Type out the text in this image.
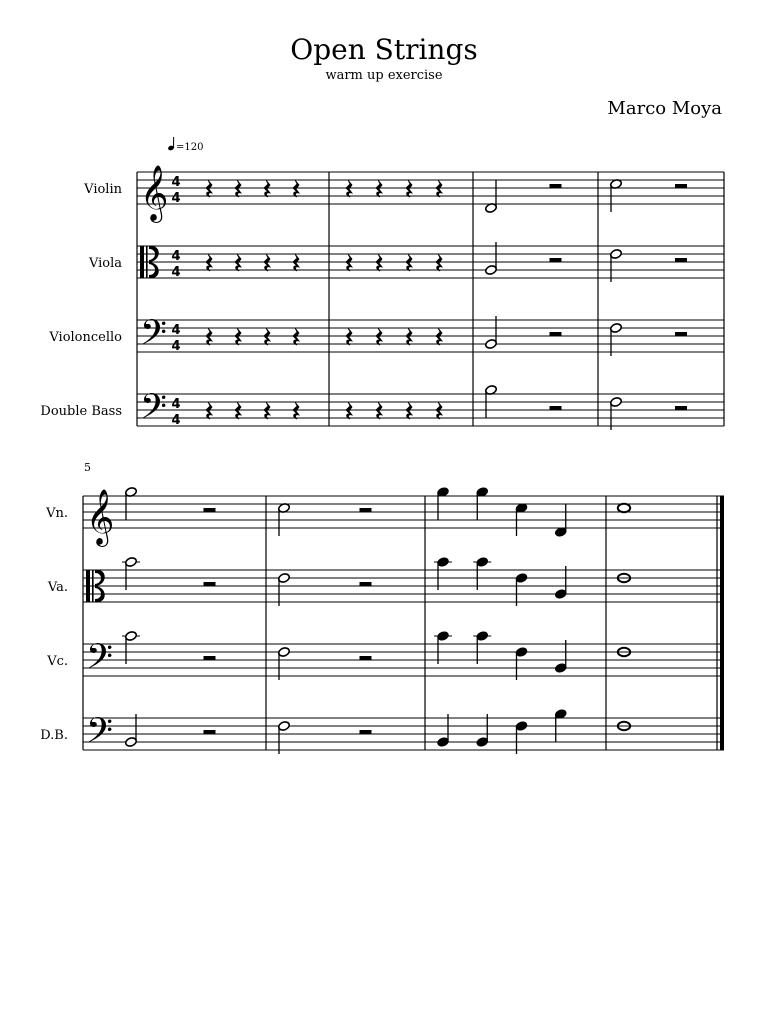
Open Strings
warm up exercise
Marco Moya
Violin 𝄞 4
4
Viola	4
4
Violoncello 𝄢 4
4
Double Bass 𝄢 4
4
Vn. 𝄞
Va.
Vc. 𝄢
D.B. 𝄢
5
=120
